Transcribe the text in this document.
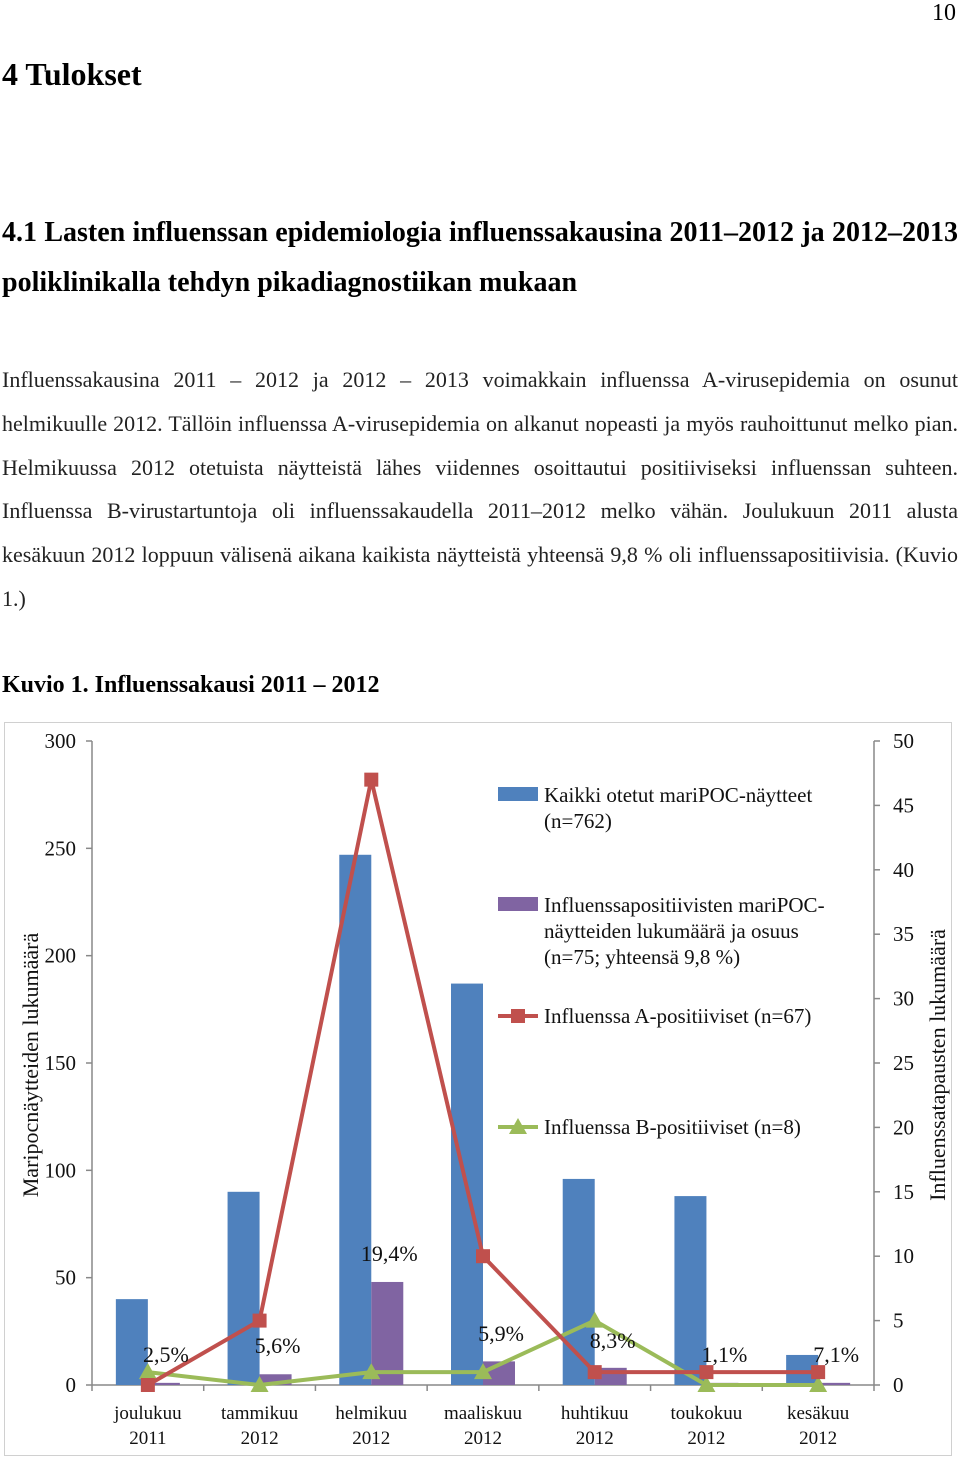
10
4 Tulokset
4.1 Lasten influenssan epidemiologia influenssakausina 2011–2012 ja 2012–2013 poliklinikalla tehdyn pikadiagnostiikan mukaan

Influenssakausina 2011 – 2012 ja 2012 – 2013 voimakkain influenssa A-virusepidemia on osunut helmikuulle 2012. Tällöin influenssa A-virusepidemia on alkanut nopeasti ja myös rauhoittunut melko pian. Helmikuussa 2012 otetuista näytteistä lähes viidennes osoittautui positiiviseksi influenssan suhteen. Influenssa B-virustartuntoja oli influenssakaudella 2011–2012 melko vähän. Joulukuun 2011 alusta kesäkuun 2012 loppuun välisenä aikana kaikista näytteistä yhteensä 9,8 % oli influenssapositiivisia. (Kuvio 1.)

Kuvio 1. Influenssakausi 2011 – 2012

0
50
100
150
200
250
300
0
5
10
15
20
25
30
35
40
45
50
Maripocnäytteiden lukumäärä	Influenssatapausten lukumäärä
2,5%	5,6%
19,4%
5,9%	8,3%
1,1%	7,1%
joulukuu
2011
tammikuu
2012
helmikuu
2012
maaliskuu
2012
huhtikuu
2012
toukokuu
2012
kesäkuu
2012
Kaikki otetut mariPOC-näytteet
(n=762)
Influenssapositiivisten mariPOC-
näytteiden lukumäärä ja osuus
(n=75; yhteensä 9,8 %)
Influenssa A-positiiviset (n=67)
Influenssa B-positiiviset (n=8)
